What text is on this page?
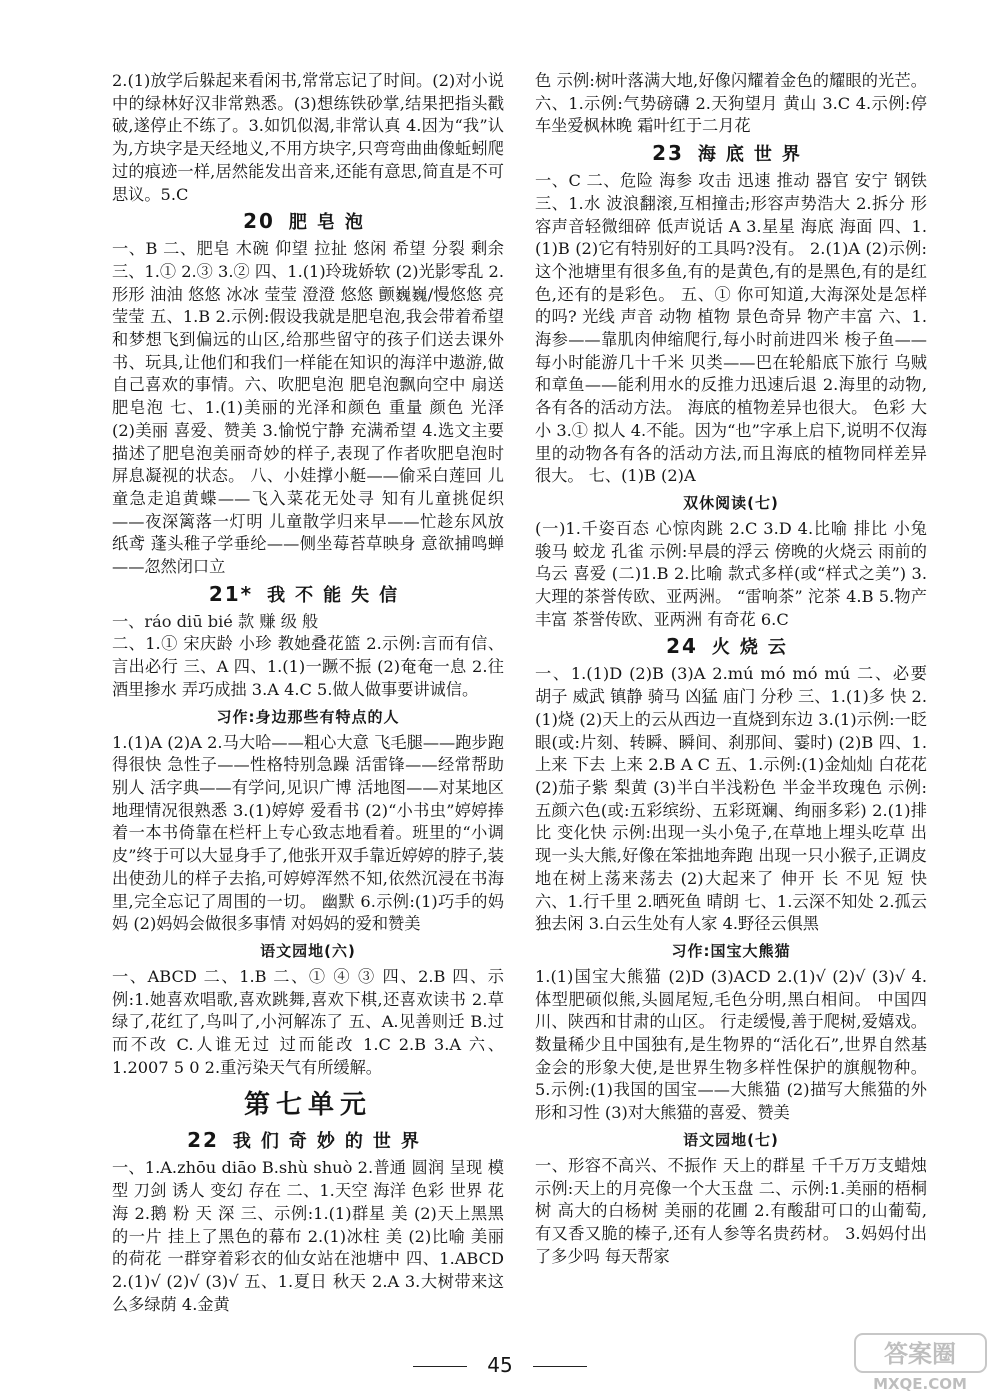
2.(1)放学后躲起来看闲书,常常忘记了时间。(2)对小说中的绿林好汉非常熟悉。(3)想练铁砂掌,结果把指头戳破,遂停止不练了。3.如饥似渴,非常认真 4.因为“我”认为,方块字是天经地义,不用方块字,只弯弯曲曲像蚯蚓爬过的痕迹一样,居然能发出音来,还能有意思,简直是不可思议。5.C
20 肥皂泡
一、B 二、肥皂 木碗 仰望 拉扯 悠闲 希望 分裂 剩余 三、1.① 2.③ 3.② 四、1.(1)玲珑娇软 (2)光影零乱 2.形形 油油 悠悠 冰冰 莹莹 澄澄 悠悠 颤巍巍/慢悠悠 亮莹莹 五、1.B 2.示例:假设我就是肥皂泡,我会带着希望和梦想飞到偏远的山区,给那些留守的孩子们送去课外书、玩具,让他们和我们一样能在知识的海洋中遨游,做自己喜欢的事情。六、吹肥皂泡 肥皂泡飘向空中 扇送肥皂泡 七、1.(1)美丽的光泽和颜色 重量 颜色 光泽 (2)美丽 喜爱、赞美 3.愉悦宁静 充满希望 4.选文主要描述了肥皂泡美丽奇妙的样子,表现了作者吹肥皂泡时屏息凝视的状态。 八、小娃撑小艇——偷采白莲回 儿童急走追黄蝶——飞入菜花无处寻 知有儿童挑促织——夜深篱落一灯明 儿童散学归来早——忙趁东风放纸鸢 蓬头稚子学垂纶——侧坐莓苔草映身 意欲捕鸣蝉——忽然闭口立
21* 我不能失信
一、ráo diū bié 款 赚 级 般
二、1.① 宋庆龄 小珍 教她叠花篮 2.示例:言而有信、言出必行 三、A 四、1.(1)一蹶不振 (2)奄奄一息 2.往酒里掺水 弄巧成拙 3.A 4.C 5.做人做事要讲诚信。
习作:身边那些有特点的人
1.(1)A (2)A 2.马大哈——粗心大意 飞毛腿——跑步跑得很快 急性子——性格特别急躁 活雷锋——经常帮助别人 活字典——有学问,见识广博 活地图——对某地区地理情况很熟悉 3.(1)婷婷 爱看书 (2)“小书虫”婷婷捧着一本书倚靠在栏杆上专心致志地看着。班里的“小调皮”终于可以大显身手了,他张开双手靠近婷婷的脖子,装出使劲儿的样子去掐,可婷婷浑然不知,依然沉浸在书海里,完全忘记了周围的一切。 幽默 6.示例:(1)巧手的妈妈 (2)妈妈会做很多事情 对妈妈的爱和赞美
语文园地(六)
一、ABCD 二、1.B 二、① ④ ③ 四、2.B 四、示例:1.她喜欢唱歌,喜欢跳舞,喜欢下棋,还喜欢读书 2.草绿了,花红了,鸟叫了,小河解冻了 五、A.见善则迁 B.过而不改 C.人谁无过 过而能改 1.C 2.B 3.A 六、1.2007 5 0 2.重污染天气有所缓解。
第七单元
22 我们奇妙的世界
一、1.A.zhōu diāo B.shù shuò 2.普通 圆润 呈现 模型 刀剑 诱人 变幻 存在 二、1.天空 海洋 色彩 世界 花海 2.鹅 粉 天 深 三、示例:1.(1)群星 美 (2)天上黑黑的一片 挂上了黑色的幕布 2.(1)冰柱 美 (2)比喻 美丽的荷花 一群穿着彩衣的仙女站在池塘中 四、1.ABCD 2.(1)√ (2)√ (3)√ 五、1.夏日 秋天 2.A 3.大树带来这么多绿荫 4.金黄
色 示例:树叶落满大地,好像闪耀着金色的耀眼的光芒。 六、1.示例:气势磅礴 2.天狗望月 黄山 3.C 4.示例:停车坐爱枫林晚 霜叶红于二月花
23 海底世界
一、C 二、危险 海参 攻击 迅速 推动 器官 安宁 钢铁 三、1.水 波浪翻滚,互相撞击;形容声势浩大 2.拆分 形容声音轻微细碎 低声说话 A 3.星星 海底 海面 四、1.(1)B (2)它有特别好的工具吗?没有。 2.(1)A (2)示例:这个池塘里有很多鱼,有的是黄色,有的是黑色,有的是红色,还有的是彩色。 五、① 你可知道,大海深处是怎样的吗? 光线 声音 动物 植物 景色奇异 物产丰富 六、1.海参——靠肌肉伸缩爬行,每小时前进四米 梭子鱼——每小时能游几十千米 贝类——巴在轮船底下旅行 乌贼和章鱼——能利用水的反推力迅速后退 2.海里的动物,各有各的活动方法。 海底的植物差异也很大。 色彩 大小 3.① 拟人 4.不能。因为“也”字承上启下,说明不仅海里的动物各有各的活动方法,而且海底的植物同样差异很大。 七、(1)B (2)A
双休阅读(七)
(一)1.千姿百态 心惊肉跳 2.C 3.D 4.比喻 排比 小兔 骏马 蛟龙 孔雀 示例:早晨的浮云 傍晚的火烧云 雨前的乌云 喜爱 (二)1.B 2.比喻 款式多样(或“样式之美”) 3.大理的茶誉传欧、亚两洲。 “雷响茶” 沱茶 4.B 5.物产丰富 茶誉传欧、亚两洲 有奇花 6.C
24 火烧云
一、1.(1)D (2)B (3)A 2.mú mó mó mú 二、必要 胡子 威武 镇静 骑马 凶猛 庙门 分秒 三、1.(1)多 快 2.(1)烧 (2)天上的云从西边一直烧到东边 3.(1)示例:一眨眼(或:片刻、转瞬、瞬间、刹那间、霎时) (2)B 四、1.上来 下去 上来 2.B A C 五、1.示例:(1)金灿灿 白花花 (2)茄子紫 梨黄 (3)半白半浅粉色 半金半玫瑰色 示例:五颜六色(或:五彩缤纷、五彩斑斓、绚丽多彩) 2.(1)排比 变化快 示例:出现一头小兔子,在草地上埋头吃草 出现一头大熊,好像在笨拙地奔跑 出现一只小猴子,正调皮地在树上荡来荡去 (2)大起来了 伸开 长 不见 短 快 六、1.行千里 2.晒死鱼 晴朗 七、1.云深不知处 2.孤云独去闲 3.白云生处有人家 4.野径云俱黑
习作:国宝大熊猫
1.(1)国宝大熊猫 (2)D (3)ACD 2.(1)√ (2)√ (3)√ 4.体型肥硕似熊,头圆尾短,毛色分明,黑白相间。 中国四川、陕西和甘肃的山区。 行走缓慢,善于爬树,爱嬉戏。 数量稀少且中国独有,是生物界的“活化石”,世界自然基金会的形象大使,是世界生物多样性保护的旗舰物种。 5.示例:(1)我国的国宝——大熊猫 (2)描写大熊猫的外形和习性 (3)对大熊猫的喜爱、赞美
语文园地(七)
一、形容不高兴、不振作 天上的群星 千千万万支蜡烛 示例:天上的月亮像一个大玉盘 二、示例:1.美丽的梧桐树 高大的白杨树 美丽的花圃 2.有酸甜可口的山葡萄,有又香又脆的榛子,还有人参等名贵药材。 3.妈妈付出了多少吗 每天帮家
45	答案圈
MXQE.COM
